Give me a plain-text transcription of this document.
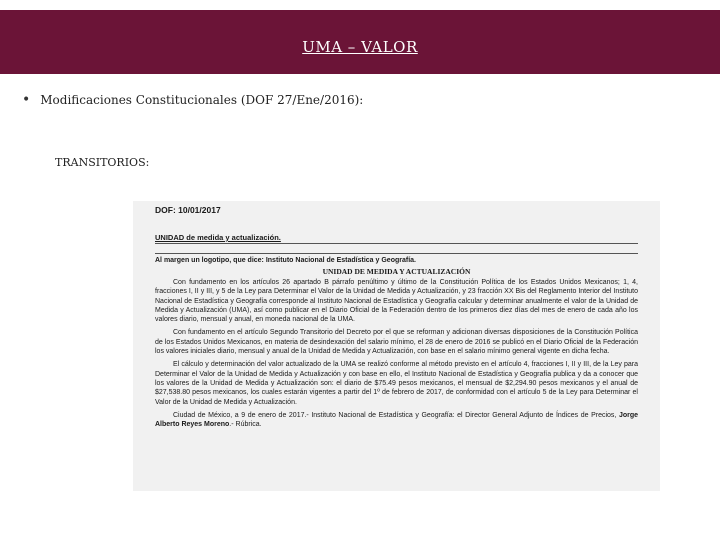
UMA – VALOR
• Modificaciones Constitucionales (DOF 27/Ene/2016):
TRANSITORIOS:
DOF: 10/01/2017
UNIDAD de medida y actualización.
Al margen un logotipo, que dice: Instituto Nacional de Estadística y Geografía.
UNIDAD DE MEDIDA Y ACTUALIZACIÓN

Con fundamento en los artículos 26 apartado B párrafo penúltimo y último de la Constitución Política de los Estados Unidos Mexicanos; 1, 4, fracciones I, II y III, y 5 de la Ley para Determinar el Valor de la Unidad de Medida y Actualización, y 23 fracción XX Bis del Reglamento Interior del Instituto Nacional de Estadística y Geografía corresponde al Instituto Nacional de Estadística y Geografía calcular y determinar anualmente el valor de la Unidad de Medida y Actualización (UMA), así como publicar en el Diario Oficial de la Federación dentro de los primeros diez días del mes de enero de cada año los valores diario, mensual y anual, en moneda nacional de la UMA.

Con fundamento en el artículo Segundo Transitorio del Decreto por el que se reforman y adicionan diversas disposiciones de la Constitución Política de los Estados Unidos Mexicanos, en materia de desindexación del salario mínimo, el 28 de enero de 2016 se publicó en el Diario Oficial de la Federación los valores iniciales diario, mensual y anual de la Unidad de Medida y Actualización, con base en el salario mínimo general vigente en dicha fecha.

El cálculo y determinación del valor actualizado de la UMA se realizó conforme al método previsto en el artículo 4, fracciones I, II y III, de la Ley para Determinar el Valor de la Unidad de Medida y Actualización y con base en ello, el Instituto Nacional de Estadística y Geografía publica y da a conocer que los valores de la Unidad de Medida y Actualización son: el diario de $75.49 pesos mexicanos, el mensual de $2,294.90 pesos mexicanos y el anual de $27,538.80 pesos mexicanos, los cuales estarán vigentes a partir del 1º de febrero de 2017, de conformidad con el artículo 5 de la Ley para Determinar el Valor de la Unidad de Medida y Actualización.

Ciudad de México, a 9 de enero de 2017.- Instituto Nacional de Estadística y Geografía: el Director General Adjunto de Índices de Precios, Jorge Alberto Reyes Moreno.- Rúbrica.
